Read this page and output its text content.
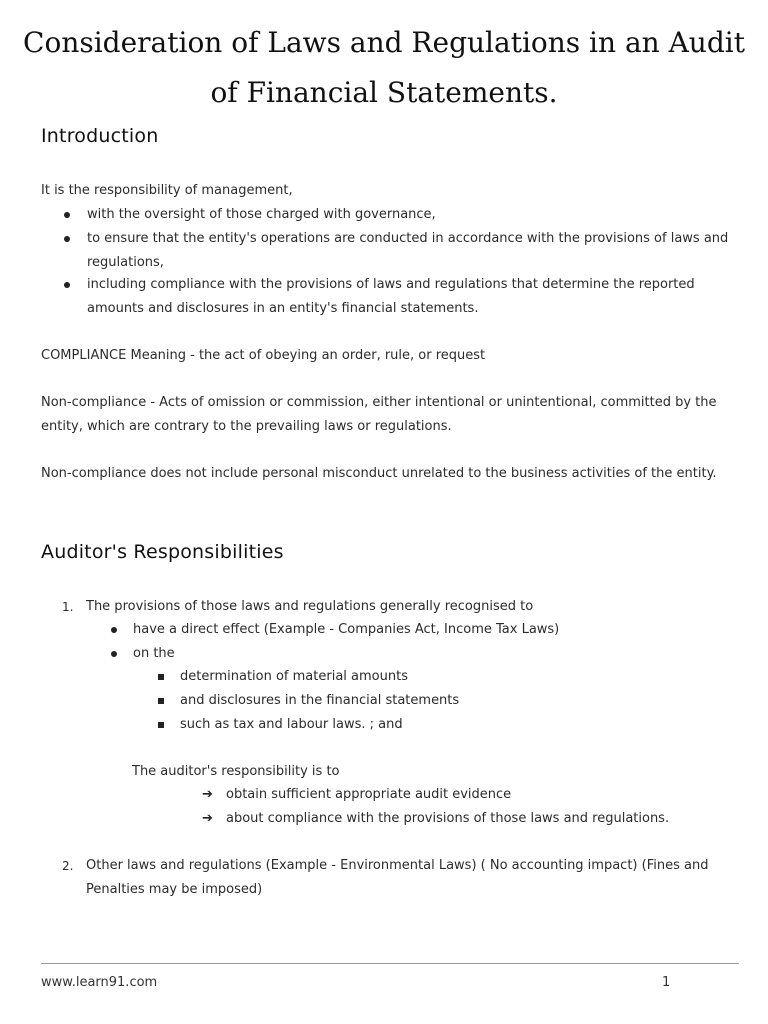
Consideration of Laws and Regulations in an Audit
of Financial Statements.
Introduction
It is the responsibility of management,
with the oversight of those charged with governance,
to ensure that the entity's operations are conducted in accordance with the provisions of laws and
regulations,
including compliance with the provisions of laws and regulations that determine the reported
amounts and disclosures in an entity's financial statements.
COMPLIANCE Meaning - the act of obeying an order, rule, or request
Non-compliance - Acts of omission or commission, either intentional or unintentional, committed by the
entity, which are contrary to the prevailing laws or regulations.
Non-compliance does not include personal misconduct unrelated to the business activities of the entity.
Auditor's Responsibilities
1. The provisions of those laws and regulations generally recognised to
have a direct effect (Example - Companies Act, Income Tax Laws)
on the
determination of material amounts
and disclosures in the financial statements
such as tax and labour laws. ; and
The auditor's responsibility is to
➔ obtain sufficient appropriate audit evidence
➔ about compliance with the provisions of those laws and regulations.
2. Other laws and regulations (Example - Environmental Laws) ( No accounting impact) (Fines and
Penalties may be imposed)
www.learn91.com	1
